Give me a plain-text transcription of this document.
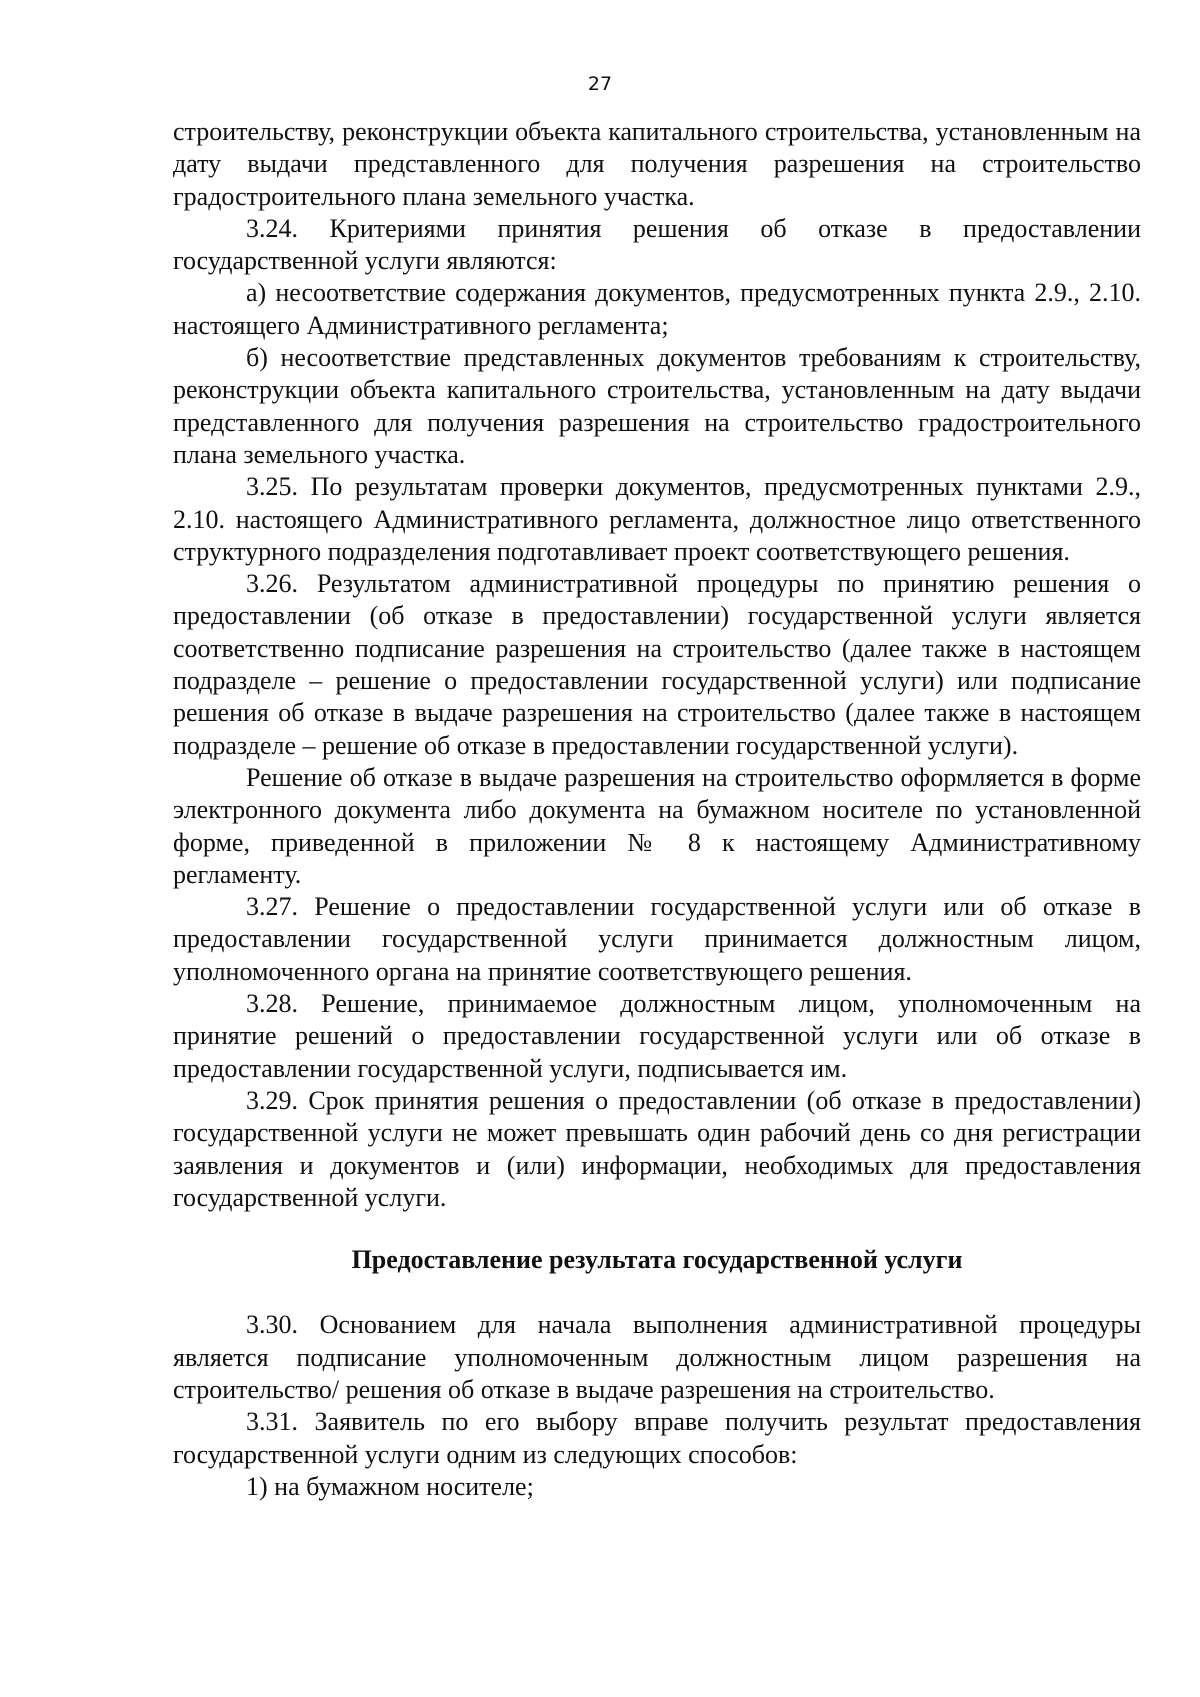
27

строительству, реконструкции объекта капитального строительства, установленным на дату выдачи представленного для получения разрешения на строительство градостроительного плана земельного участка.

3.24. Критериями принятия решения об отказе в предоставлении государственной услуги являются:

а) несоответствие содержания документов, предусмотренных пункта 2.9., 2.10. настоящего Административного регламента;

б) несоответствие представленных документов требованиям к строительству, реконструкции объекта капитального строительства, установленным на дату выдачи представленного для получения разрешения на строительство градостроительного плана земельного участка.

3.25. По результатам проверки документов, предусмотренных пунктами 2.9., 2.10. настоящего Административного регламента, должностное лицо ответственного структурного подразделения подготавливает проект соответствующего решения.

3.26. Результатом административной процедуры по принятию решения о предоставлении (об отказе в предоставлении) государственной услуги является соответственно подписание разрешения на строительство (далее также в настоящем подразделе – решение о предоставлении государственной услуги) или подписание решения об отказе в выдаче разрешения на строительство (далее также в настоящем подразделе – решение об отказе в предоставлении государственной услуги).

Решение об отказе в выдаче разрешения на строительство оформляется в форме электронного документа либо документа на бумажном носителе по установленной форме, приведенной в приложении № 8 к настоящему Административному регламенту.

3.27. Решение о предоставлении государственной услуги или об отказе в предоставлении государственной услуги принимается должностным лицом, уполномоченного органа на принятие соответствующего решения.

3.28. Решение, принимаемое должностным лицом, уполномоченным на принятие решений о предоставлении государственной услуги или об отказе в предоставлении государственной услуги, подписывается им.

3.29. Срок принятия решения о предоставлении (об отказе в предоставлении) государственной услуги не может превышать один рабочий день со дня регистрации заявления и документов и (или) информации, необходимых для предоставления государственной услуги.

Предоставление результата государственной услуги

3.30. Основанием для начала выполнения административной процедуры является подписание уполномоченным должностным лицом разрешения на строительство/ решения об отказе в выдаче разрешения на строительство.

3.31. Заявитель по его выбору вправе получить результат предоставления государственной услуги одним из следующих способов:

1) на бумажном носителе;
